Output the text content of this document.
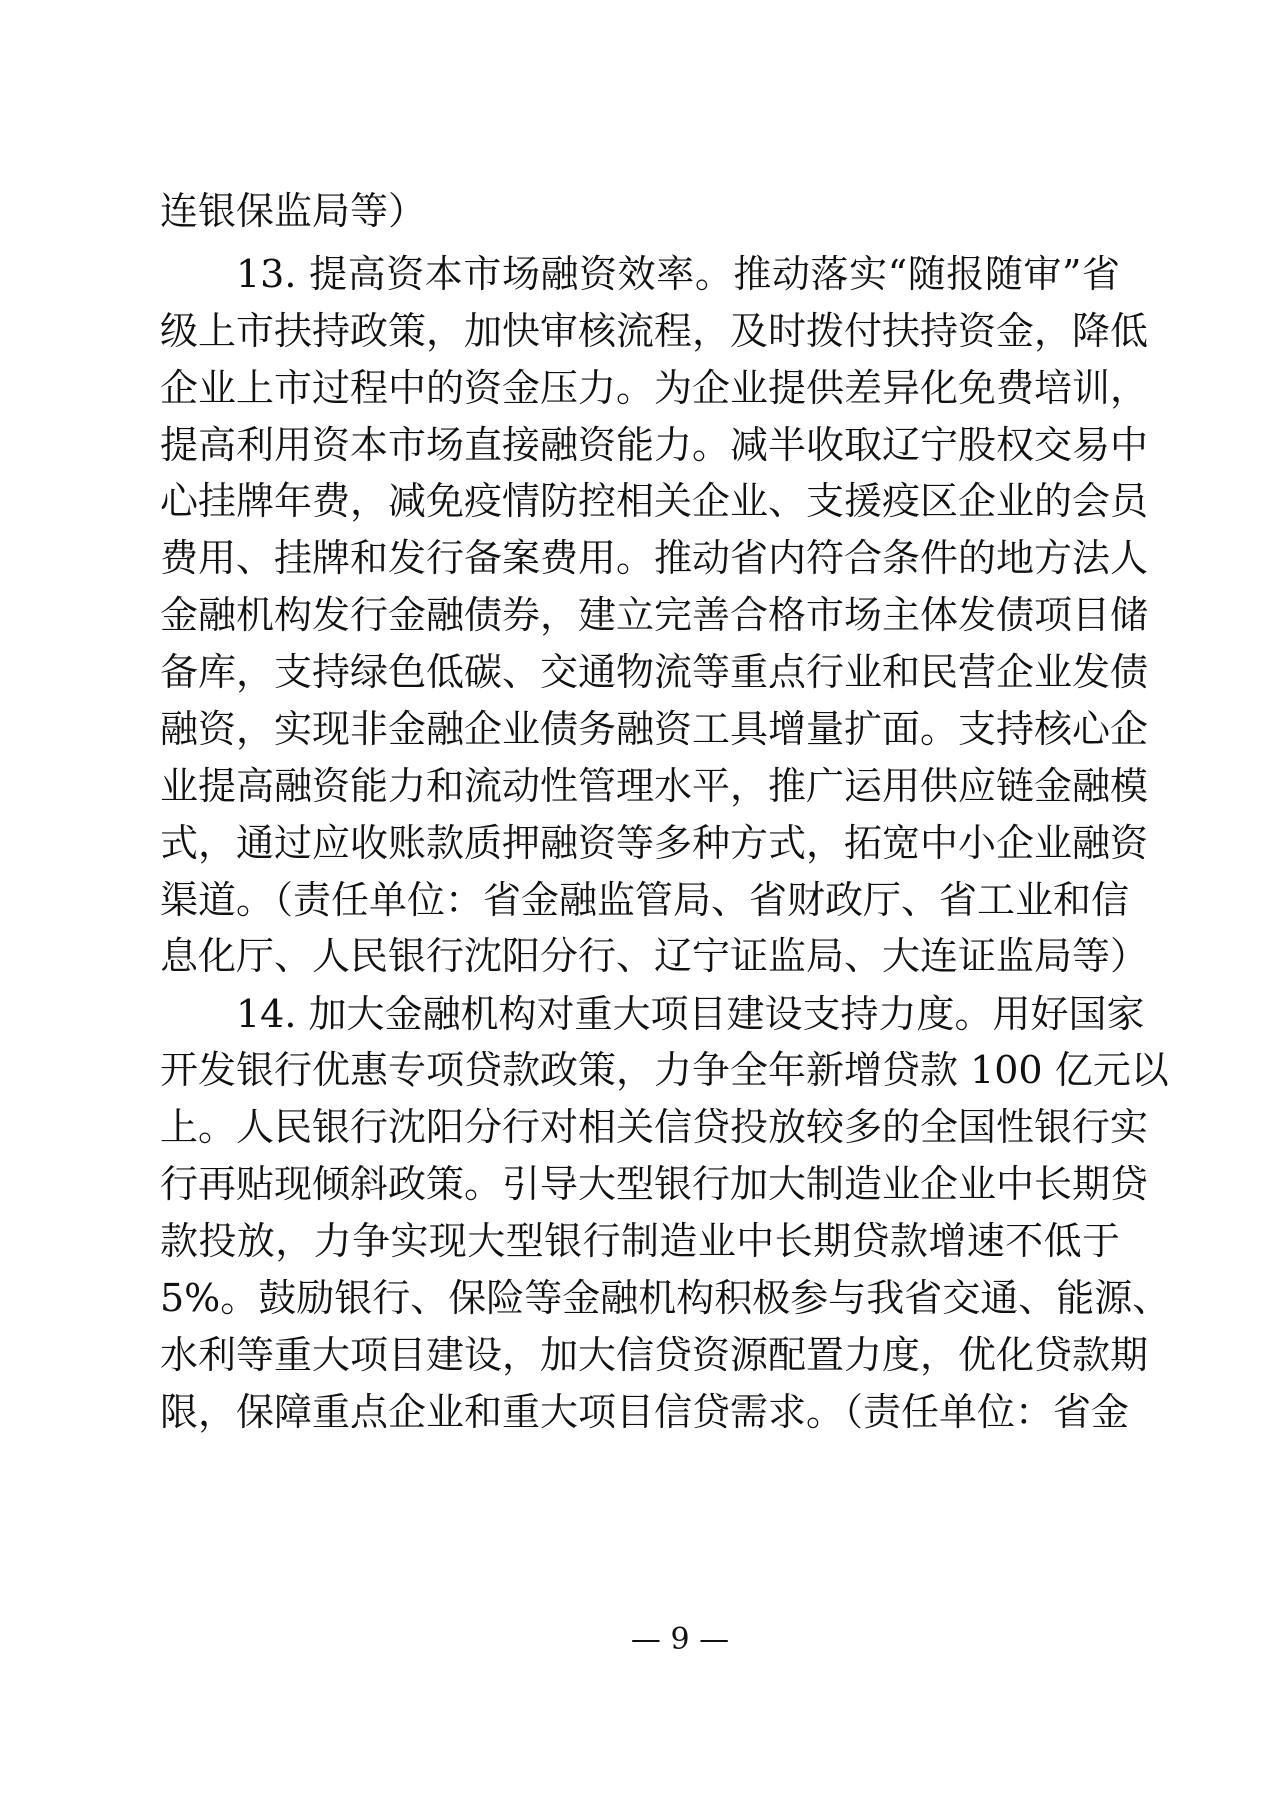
连银保监局等）
13. 提高资本市场融资效率。推动落实“随报随审”省
级上市扶持政策，加快审核流程，及时拨付扶持资金，降低
企业上市过程中的资金压力。为企业提供差异化免费培训，
提高利用资本市场直接融资能力。减半收取辽宁股权交易中
心挂牌年费，减免疫情防控相关企业、支援疫区企业的会员
费用、挂牌和发行备案费用。推动省内符合条件的地方法人
金融机构发行金融债券，建立完善合格市场主体发债项目储
备库，支持绿色低碳、交通物流等重点行业和民营企业发债
融资，实现非金融企业债务融资工具增量扩面。支持核心企
业提高融资能力和流动性管理水平，推广运用供应链金融模
式，通过应收账款质押融资等多种方式，拓宽中小企业融资
渠道。（责任单位：省金融监管局、省财政厅、省工业和信
息化厅、人民银行沈阳分行、辽宁证监局、大连证监局等）
14. 加大金融机构对重大项目建设支持力度。用好国家
开发银行优惠专项贷款政策，力争全年新增贷款 100 亿元以
上。人民银行沈阳分行对相关信贷投放较多的全国性银行实
行再贴现倾斜政策。引导大型银行加大制造业企业中长期贷
款投放，力争实现大型银行制造业中长期贷款增速不低于
5%。鼓励银行、保险等金融机构积极参与我省交通、能源、
水利等重大项目建设，加大信贷资源配置力度，优化贷款期
限，保障重点企业和重大项目信贷需求。（责任单位：省金
— 9 —
